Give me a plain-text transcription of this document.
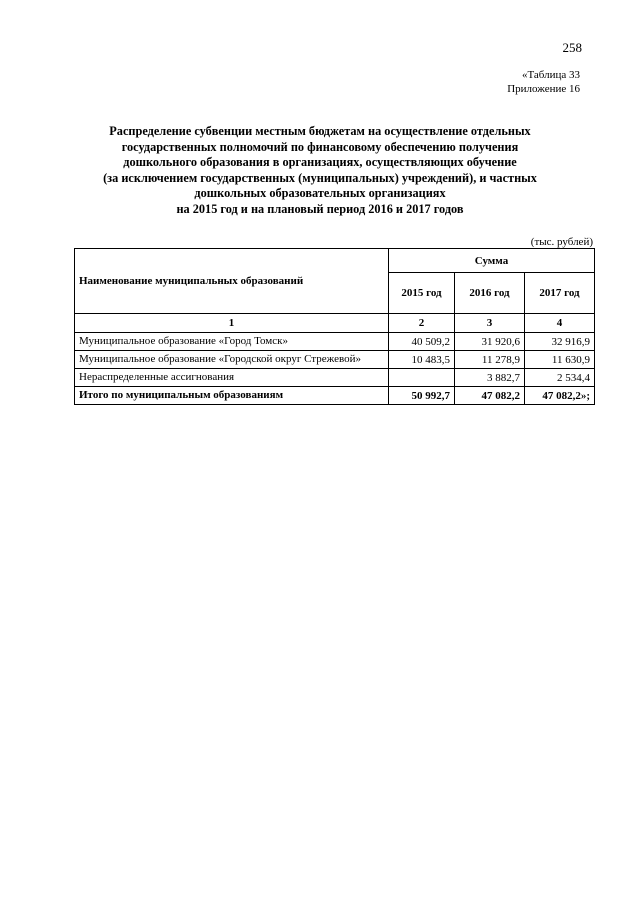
258
«Таблица 33
Приложение 16
Распределение субвенции местным бюджетам на осуществление отдельных
государственных полномочий по финансовому обеспечению получения
дошкольного образования в организациях, осуществляющих обучение
(за исключением государственных (муниципальных) учреждений), и частных
дошкольных образовательных организациях
на 2015 год и на плановый период 2016 и 2017 годов
(тыс. рублей)
Наименование муниципальных образований	Сумма		
	2015 год	2016 год	2017 год
1	2	3	4
Муниципальное образование «Город Томск»	40 509,2	31 920,6	32 916,9
Муниципальное образование «Городской округ Стрежевой»	10 483,5	11 278,9	11 630,9
Нераспределенные ассигнования		3 882,7	2 534,4
Итого по муниципальным образованиям	50 992,7	47 082,2	47 082,2»;
